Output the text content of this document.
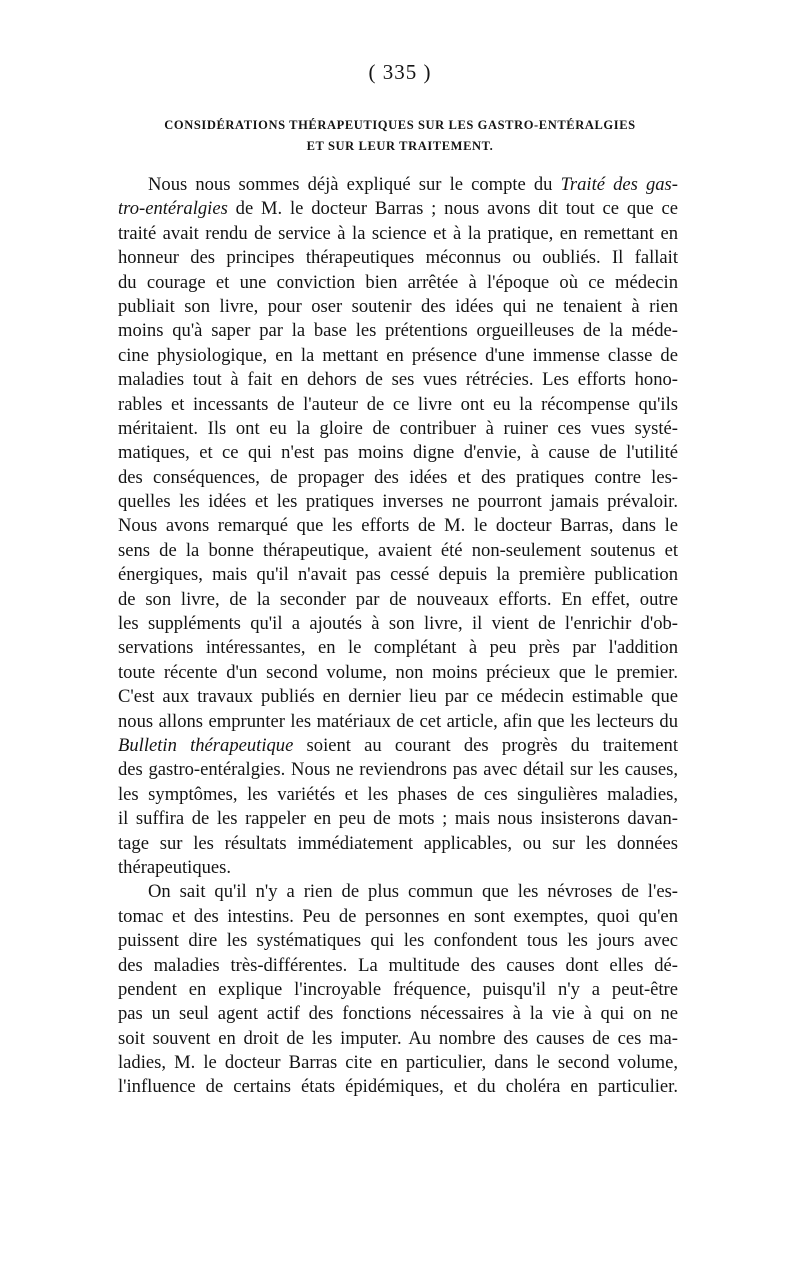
( 335 )
CONSIDÉRATIONS THÉRAPEUTIQUES SUR LES GASTRO-ENTÉRALGIES
ET SUR LEUR TRAITEMENT.
Nous nous sommes déjà expliqué sur le compte du Traité des gas-
tro-entéralgies de M. le docteur Barras ; nous avons dit tout ce que ce
traité avait rendu de service à la science et à la pratique, en remettant en
honneur des principes thérapeutiques méconnus ou oubliés. Il fallait
du courage et une conviction bien arrêtée à l'époque où ce médecin
publiait son livre, pour oser soutenir des idées qui ne tenaient à rien
moins qu'à saper par la base les prétentions orgueilleuses de la méde-
cine physiologique, en la mettant en présence d'une immense classe de
maladies tout à fait en dehors de ses vues rétrécies. Les efforts hono-
rables et incessants de l'auteur de ce livre ont eu la récompense qu'ils
méritaient. Ils ont eu la gloire de contribuer à ruiner ces vues systé-
matiques, et ce qui n'est pas moins digne d'envie, à cause de l'utilité
des conséquences, de propager des idées et des pratiques contre les-
quelles les idées et les pratiques inverses ne pourront jamais prévaloir.
Nous avons remarqué que les efforts de M. le docteur Barras, dans le
sens de la bonne thérapeutique, avaient été non-seulement soutenus et
énergiques, mais qu'il n'avait pas cessé depuis la première publication
de son livre, de la seconder par de nouveaux efforts. En effet, outre
les suppléments qu'il a ajoutés à son livre, il vient de l'enrichir d'ob-
servations intéressantes, en le complétant à peu près par l'addition
toute récente d'un second volume, non moins précieux que le premier.
C'est aux travaux publiés en dernier lieu par ce médecin estimable que
nous allons emprunter les matériaux de cet article, afin que les lecteurs du
Bulletin thérapeutique soient au courant des progrès du traitement
des gastro-entéralgies. Nous ne reviendrons pas avec détail sur les causes,
les symptômes, les variétés et les phases de ces singulières maladies,
il suffira de les rappeler en peu de mots ; mais nous insisterons davan-
tage sur les résultats immédiatement applicables, ou sur les données
thérapeutiques.
On sait qu'il n'y a rien de plus commun que les névroses de l'es-
tomac et des intestins. Peu de personnes en sont exemptes, quoi qu'en
puissent dire les systématiques qui les confondent tous les jours avec
des maladies très-différentes. La multitude des causes dont elles dé-
pendent en explique l'incroyable fréquence, puisqu'il n'y a peut-être
pas un seul agent actif des fonctions nécessaires à la vie à qui on ne
soit souvent en droit de les imputer. Au nombre des causes de ces ma-
ladies, M. le docteur Barras cite en particulier, dans le second volume,
l'influence de certains états épidémiques, et du choléra en particulier.
